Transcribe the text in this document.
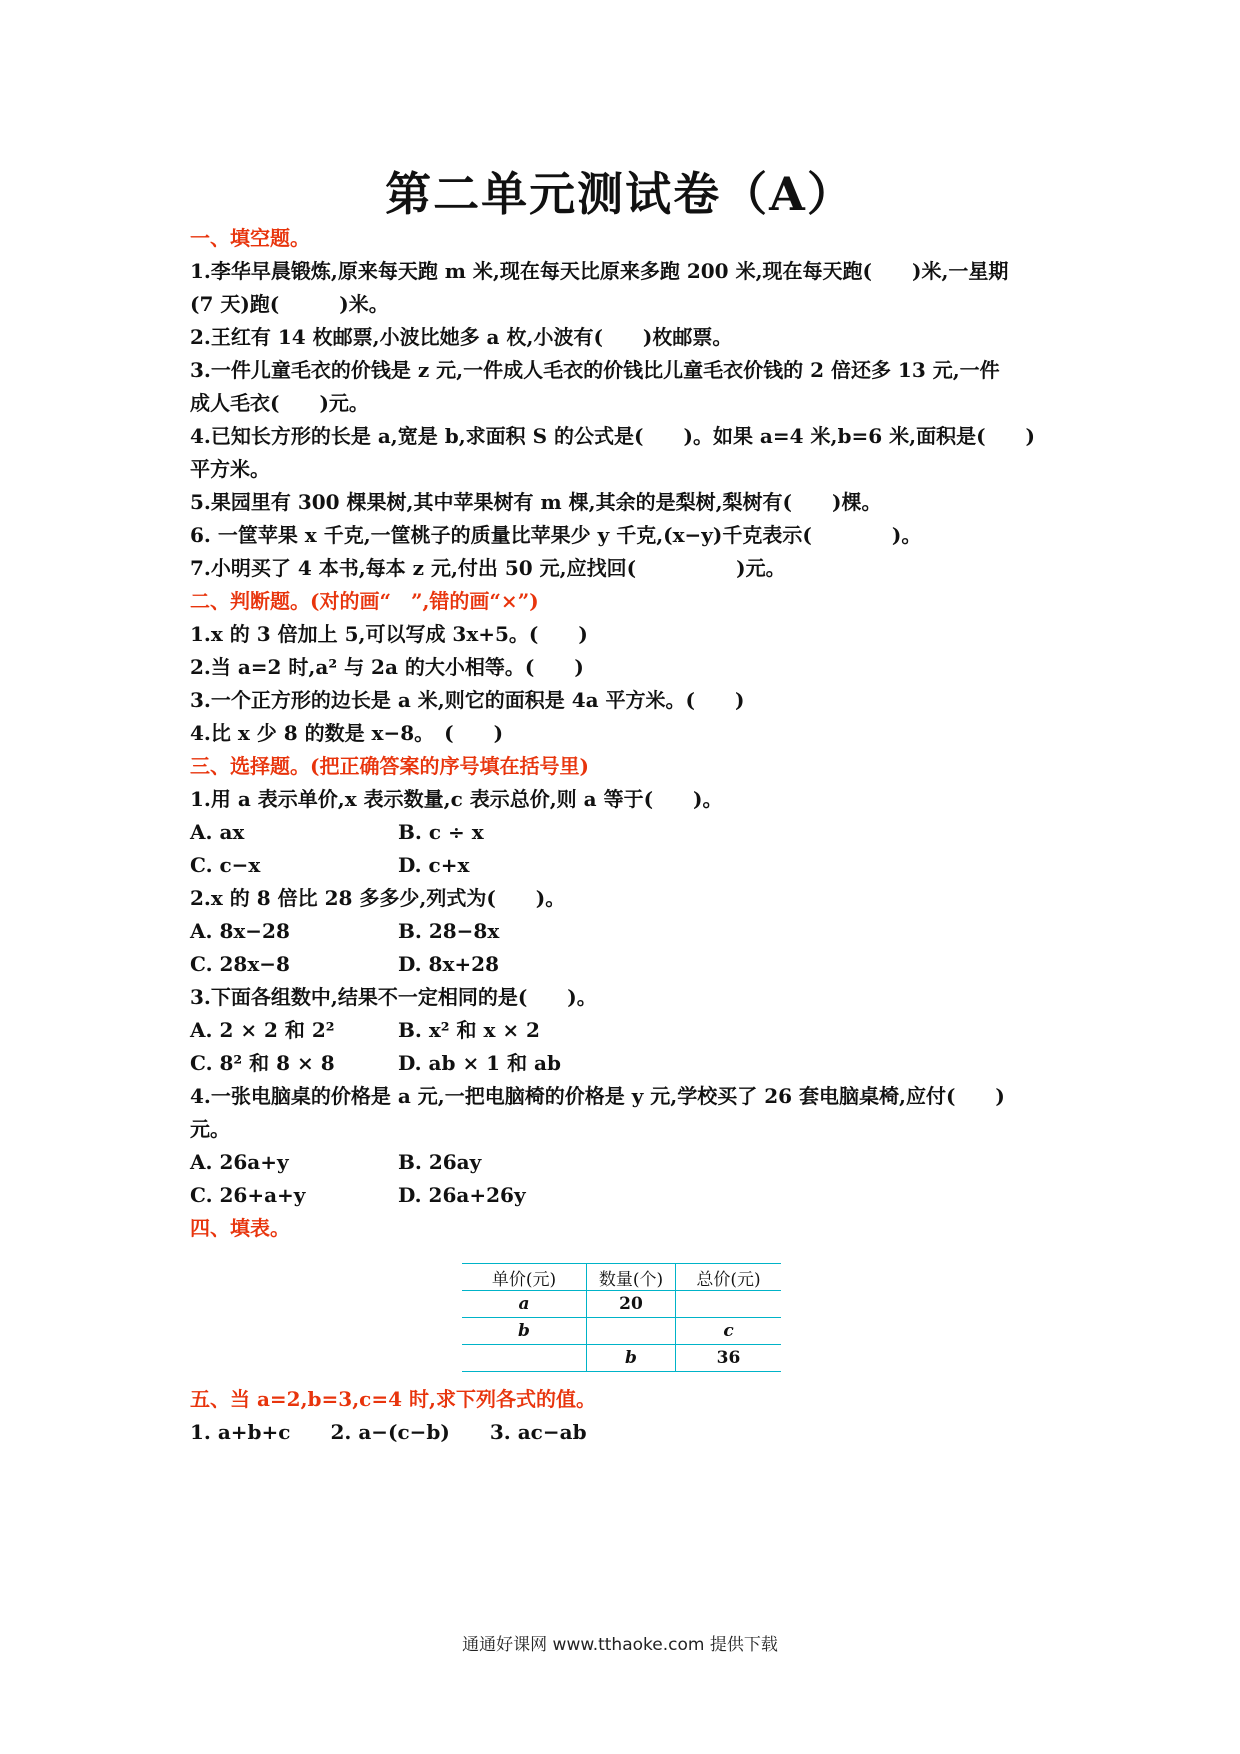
第二单元测试卷（A）

一、填空题。

1.李华早晨锻炼,原来每天跑 m 米,现在每天比原来多跑 200 米,现在每天跑(　　)米,一星期

(7 天)跑(　　　)米。

2.王红有 14 枚邮票,小波比她多 a 枚,小波有(　　)枚邮票。

3.一件儿童毛衣的价钱是 z 元,一件成人毛衣的价钱比儿童毛衣价钱的 2 倍还多 13 元,一件

成人毛衣(　　)元。

4.已知长方形的长是 a,宽是 b,求面积 S 的公式是(　　)。如果 a=4 米,b=6 米,面积是(　　)

平方米。

5.果园里有 300 棵果树,其中苹果树有 m 棵,其余的是梨树,梨树有(　　)棵。

6. 一筐苹果 x 千克,一筐桃子的质量比苹果少 y 千克,(x−y)千克表示(　　　　)。

7.小明买了 4 本书,每本 z 元,付出 50 元,应找回(　　　　　)元。

二、判断题。(对的画“　”,错的画“×”)

1.x 的 3 倍加上 5,可以写成 3x+5。(　　)

2.当 a=2 时,a² 与 2a 的大小相等。(　　)

3.一个正方形的边长是 a 米,则它的面积是 4a 平方米。(　　)

4.比 x 少 8 的数是 x−8。　(　　)

三、选择题。(把正确答案的序号填在括号里)

1.用 a 表示单价,x 表示数量,c 表示总价,则 a 等于(　　)。

A. ax	B. c ÷ x
C. c−x	D. c+x

2.x 的 8 倍比 28 多多少,列式为(　　)。

A. 8x−28	B. 28−8x
C. 28x−8	D. 8x+28

3.下面各组数中,结果不一定相同的是(　　)。

A. 2 × 2 和 2²	B. x² 和 x × 2
C. 8² 和 8 × 8	D. ab × 1 和 ab

4.一张电脑桌的价格是 a 元,一把电脑椅的价格是 y 元,学校买了 26 套电脑桌椅,应付(　　)

元。

A. 26a+y	B. 26ay
C. 26+a+y	D. 26a+26y

四、填表。

单价(元)	数量(个)	总价(元)
a	20	
b		c
	b	36

五、当 a=2,b=3,c=4 时,求下列各式的值。

1. a+b+c　　2. a−(c−b)　　3. ac−ab

通通好课网 www.tthaoke.com 提供下载
